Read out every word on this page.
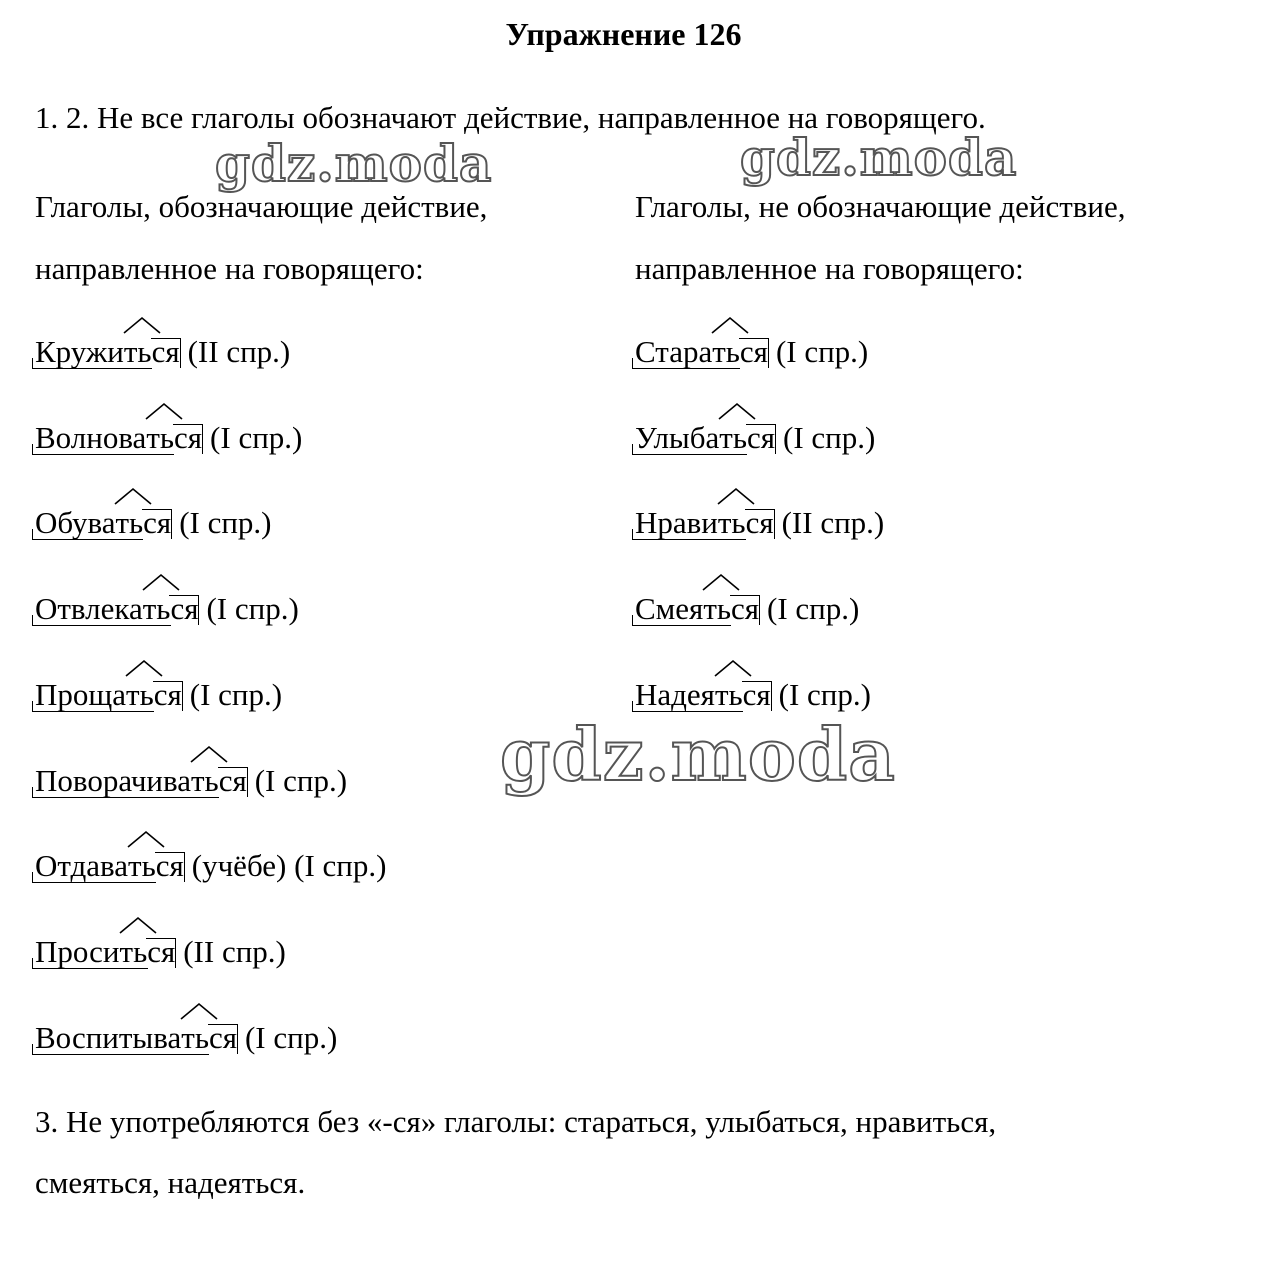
Упражнение 126
1. 2. Не все глаголы обозначают действие, направленное на говорящего.
gdz.moda	gdz.moda
Глаголы, обозначающие действие,
направленное на говорящего:
Глаголы, не обозначающие действие,
направленное на говорящего:
Кружить
ся (II спр.)
Волновать
ся (I спр.)
Обувать
ся (I спр.)
Отвлекать
ся (I спр.)
Прощать
ся (I спр.)
Поворачивать
ся (I спр.)
Отдавать
ся (учёбе) (I спр.)
Просить
ся (II спр.)
Воспитывать
ся (I спр.)
Старать
ся (I спр.)
Улыбать
ся (I спр.)
Нравить
ся (II спр.)
Смеять
ся (I спр.)
Надеять
ся (I спр.)
gdz.moda
3. Не употребляются без «-ся» глаголы: стараться, улыбаться, нравиться,
смеяться, надеяться.
